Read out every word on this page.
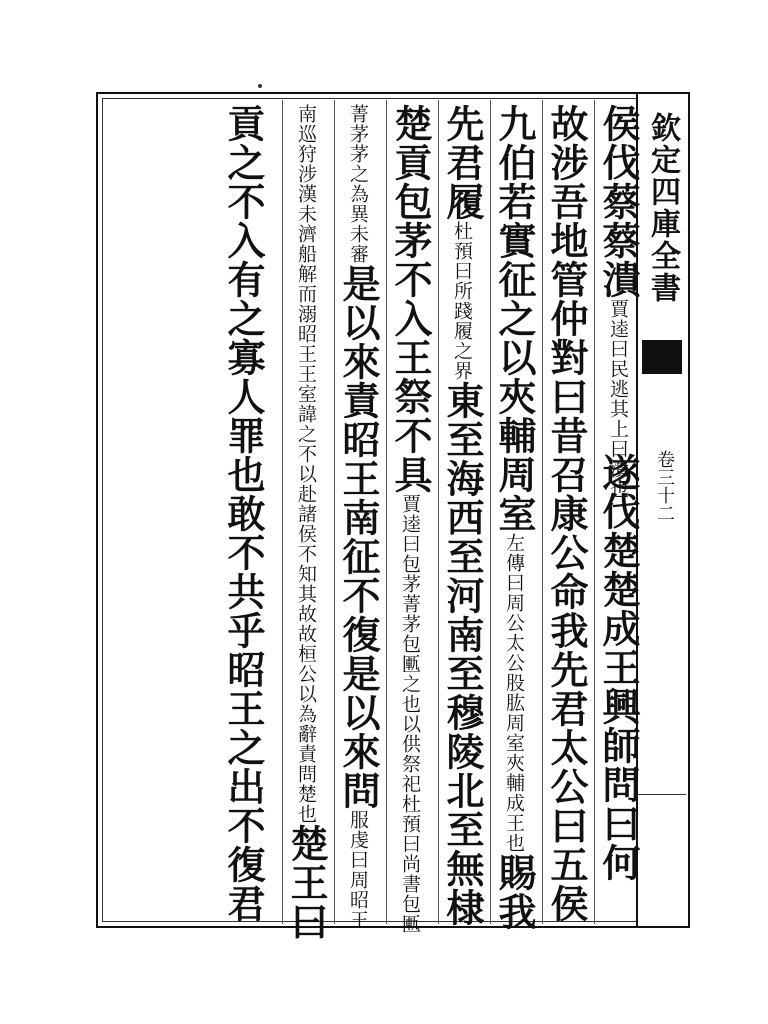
欽定四庫全書
卷三十二
侯伐蔡蔡潰賈逵曰民逃其上曰潰也遂伐楚楚成王興師問曰何
故涉吾地管仲對曰昔召康公命我先君太公曰五侯
九伯若實征之以夾輔周室左傳曰周公太公股肱周室夾輔成王也賜我
先君履杜預曰所踐履之界東至海西至河南至穆陵北至無棣
楚貢包茅不入王祭不具賈逵曰包茅菁茅包匭之也以供祭祀杜預曰尚書包匭
菁茅茅之為異未審是以來責昭王南征不復是以來問服虔曰周昭王
南巡狩涉漢未濟船解而溺昭王王室諱之不以赴諸侯不知其故故桓公以為辭責問楚也楚王曰
貢之不入有之寡人罪也敢不共乎昭王之出不復君
